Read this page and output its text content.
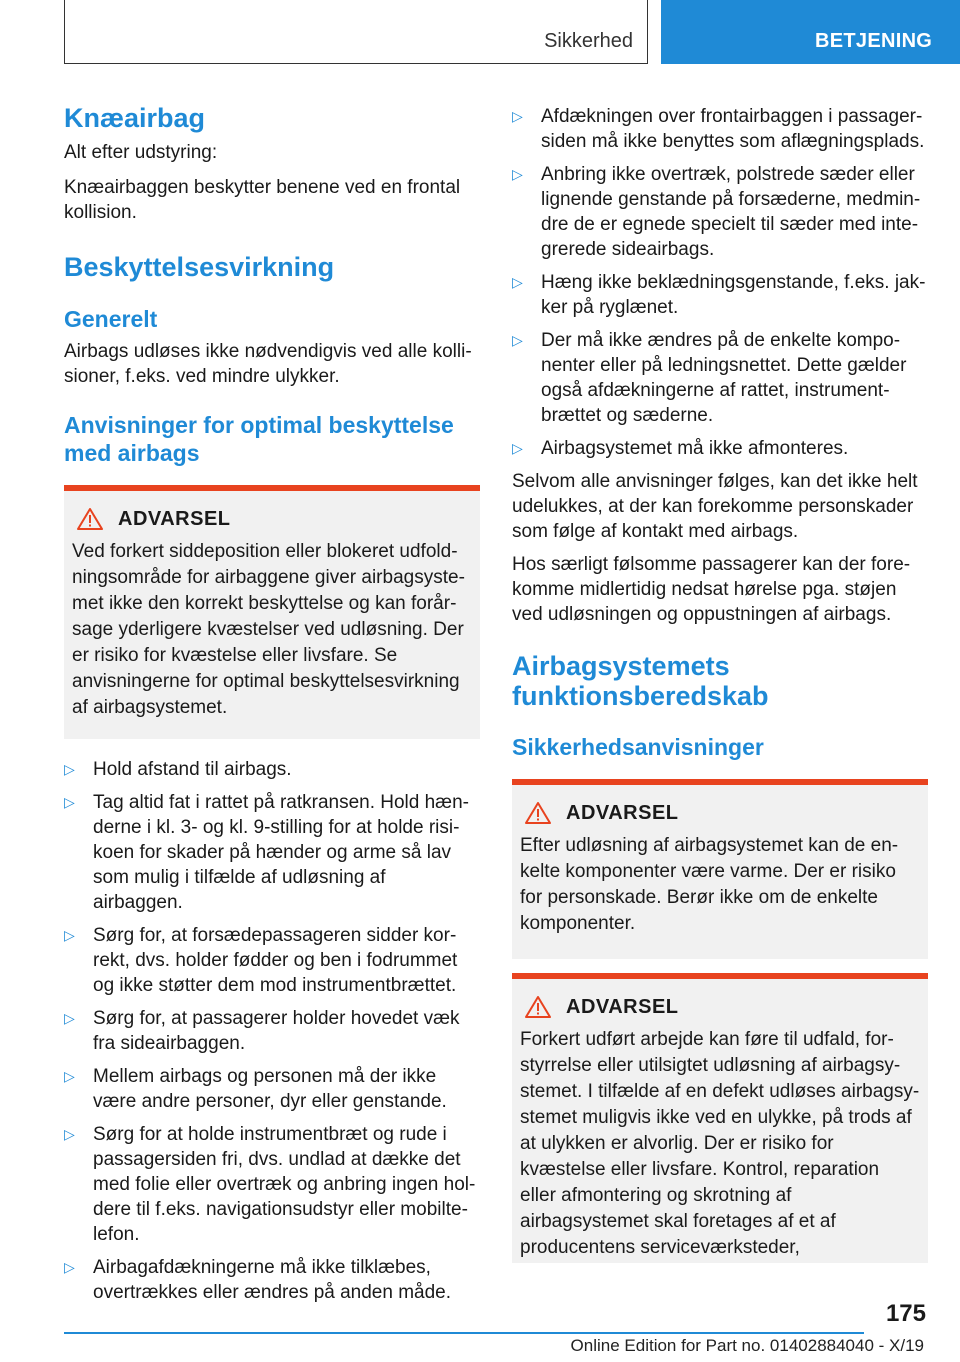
Sikkerhed	BETJENING
Knæairbag

Alt efter udstyring:

Knæairbaggen beskytter benene ved en frontal kollision.

Beskyttelsesvirkning
Generelt

Airbags udløses ikke nødvendigvis ved alle kollisioner, f.eks. ved mindre ulykker.

Anvisninger for optimal beskyttelse med airbags
ADVARSEL

Ved forkert siddeposition eller blokeret udfoldningsområde for airbaggene giver airbagsystemet ikke den korrekt beskyttelse og kan forårsage yderligere kvæstelser ved udløsning. Der er risiko for kvæstelse eller livsfare. Se anvisningerne for optimal beskyttelsesvirkning af airbagsystemet.

▷ Hold afstand til airbags.
▷ Tag altid fat i rattet på ratkransen. Hold hænderne i kl. 3- og kl. 9-stilling for at holde risikoen for skader på hænder og arme så lav som mulig i tilfælde af udløsning af airbaggen.
▷ Sørg for, at forsædepassageren sidder korrekt, dvs. holder fødder og ben i fodrummet og ikke støtter dem mod instrumentbrættet.
▷ Sørg for, at passagerer holder hovedet væk fra sideairbaggen.
▷ Mellem airbags og personen må der ikke være andre personer, dyr eller genstande.
▷ Sørg for at holde instrumentbræt og rude i passagersiden fri, dvs. undlad at dække det med folie eller overtræk og anbring ingen holdere til f.eks. navigationsudstyr eller mobiltelefon.
▷ Airbagafdækningerne må ikke tilklæbes, overtrækkes eller ændres på anden måde.
▷ Afdækningen over frontairbaggen i passagersiden må ikke benyttes som aflægningsplads.
▷ Anbring ikke overtræk, polstrede sæder eller lignende genstande på forsæderne, medmindre de er egnede specielt til sæder med integrerede sideairbags.
▷ Hæng ikke beklædningsgenstande, f.eks. jakker på ryglænet.
▷ Der må ikke ændres på de enkelte komponenter eller på ledningsnettet. Dette gælder også afdækningerne af rattet, instrumentbrættet og sæderne.
▷ Airbagsystemet må ikke afmonteres.

Selvom alle anvisninger følges, kan det ikke helt udelukkes, at der kan forekomme personskader som følge af kontakt med airbags.

Hos særligt følsomme passagerer kan der forekomme midlertidig nedsat hørelse pga. støjen ved udløsningen og oppustningen af airbags.

Airbagsystemets funktionsberedskab
Sikkerhedsanvisninger
ADVARSEL

Efter udløsning af airbagsystemet kan de enkelte komponenter være varme. Der er risiko for personskade. Berør ikke om de enkelte komponenter.

ADVARSEL

Forkert udført arbejde kan føre til udfald, forstyrrelse eller utilsigtet udløsning af airbagsystemet. I tilfælde af en defekt udløses airbagsystemet muligvis ikke ved en ulykke, på trods af at ulykken er alvorlig. Der er risiko for kvæstelse eller livsfare. Kontrol, reparation eller afmontering og skrotning af airbagsystemet skal foretages af et af producentens serviceværksteder,

175
Online Edition for Part no. 01402884040 - X/19
